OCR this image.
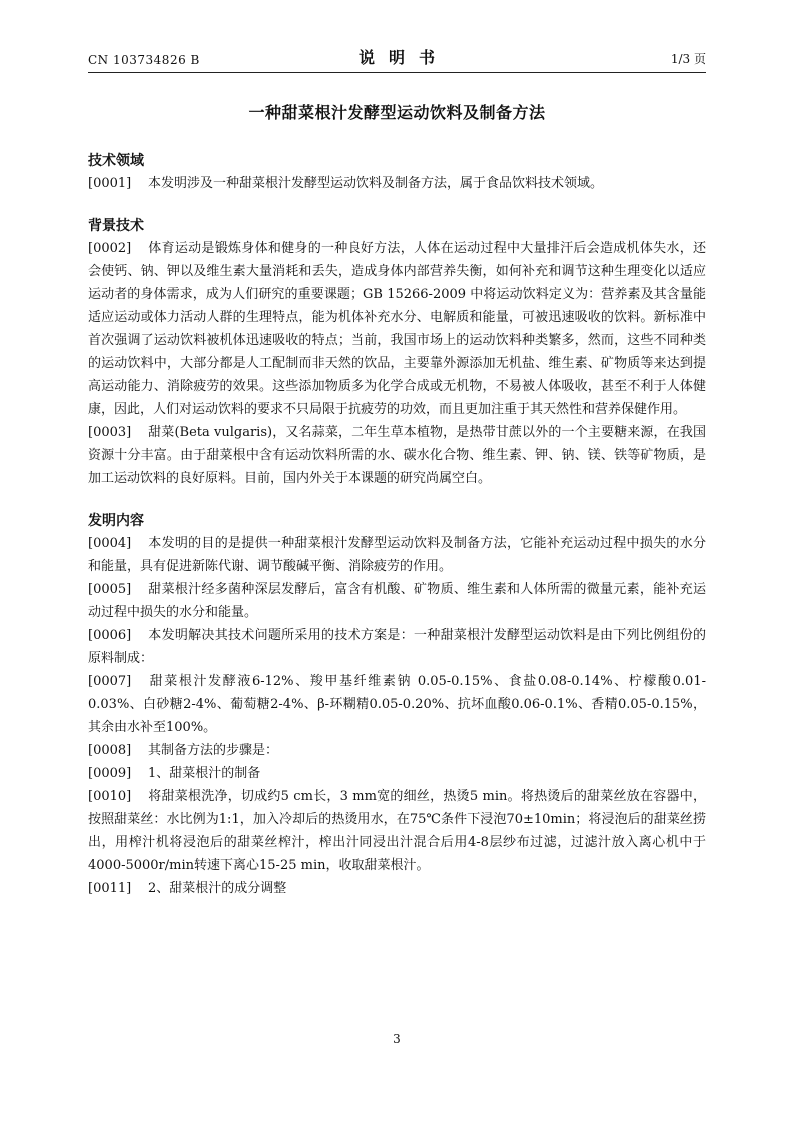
CN 103734826 B	说明书	1/3 页
一种甜菜根汁发酵型运动饮料及制备方法
技术领域

[0001] 本发明涉及一种甜菜根汁发酵型运动饮料及制备方法，属于食品饮料技术领域。

背景技术

[0002] 体育运动是锻炼身体和健身的一种良好方法，人体在运动过程中大量排汗后会造成机体失水，还会使钙、钠、钾以及维生素大量消耗和丢失，造成身体内部营养失衡，如何补充和调节这种生理变化以适应运动者的身体需求，成为人们研究的重要课题；GB 15266-2009 中将运动饮料定义为：营养素及其含量能适应运动或体力活动人群的生理特点，能为机体补充水分、电解质和能量，可被迅速吸收的饮料。新标准中首次强调了运动饮料被机体迅速吸收的特点；当前，我国市场上的运动饮料种类繁多，然而，这些不同种类的运动饮料中，大部分都是人工配制而非天然的饮品，主要靠外源添加无机盐、维生素、矿物质等来达到提高运动能力、消除疲劳的效果。这些添加物质多为化学合成或无机物，不易被人体吸收，甚至不利于人体健康，因此，人们对运动饮料的要求不只局限于抗疲劳的功效，而且更加注重于其天然性和营养保健作用。

[0003] 甜菜(Beta vulgaris)，又名蒜菜，二年生草本植物，是热带甘蔗以外的一个主要糖来源，在我国资源十分丰富。由于甜菜根中含有运动饮料所需的水、碳水化合物、维生素、钾、钠、镁、铁等矿物质，是加工运动饮料的良好原料。目前，国内外关于本课题的研究尚属空白。

发明内容

[0004] 本发明的目的是提供一种甜菜根汁发酵型运动饮料及制备方法，它能补充运动过程中损失的水分和能量，具有促进新陈代谢、调节酸碱平衡、消除疲劳的作用。

[0005] 甜菜根汁经多菌种深层发酵后，富含有机酸、矿物质、维生素和人体所需的微量元素，能补充运动过程中损失的水分和能量。

[0006] 本发明解决其技术问题所采用的技术方案是：一种甜菜根汁发酵型运动饮料是由下列比例组份的原料制成：

[0007] 甜菜根汁发酵液6-12%、羧甲基纤维素钠 0.05-0.15%、食盐0.08-0.14%、柠檬酸0.01-0.03%、白砂糖2-4%、葡萄糖2-4%、β-环糊精0.05-0.20%、抗坏血酸0.06-0.1%、香精0.05-0.15%，其余由水补至100%。

[0008] 其制备方法的步骤是：

[0009] 1、甜菜根汁的制备

[0010] 将甜菜根洗净，切成约5 cm长，3 mm宽的细丝，热烫5 min。将热烫后的甜菜丝放在容器中，按照甜菜丝：水比例为1:1，加入冷却后的热烫用水，在75℃条件下浸泡70±10min；将浸泡后的甜菜丝捞出，用榨汁机将浸泡后的甜菜丝榨汁，榨出汁同浸出汁混合后用4-8层纱布过滤，过滤汁放入离心机中于4000-5000r/min转速下离心15-25 min，收取甜菜根汁。

[0011] 2、甜菜根汁的成分调整

3
